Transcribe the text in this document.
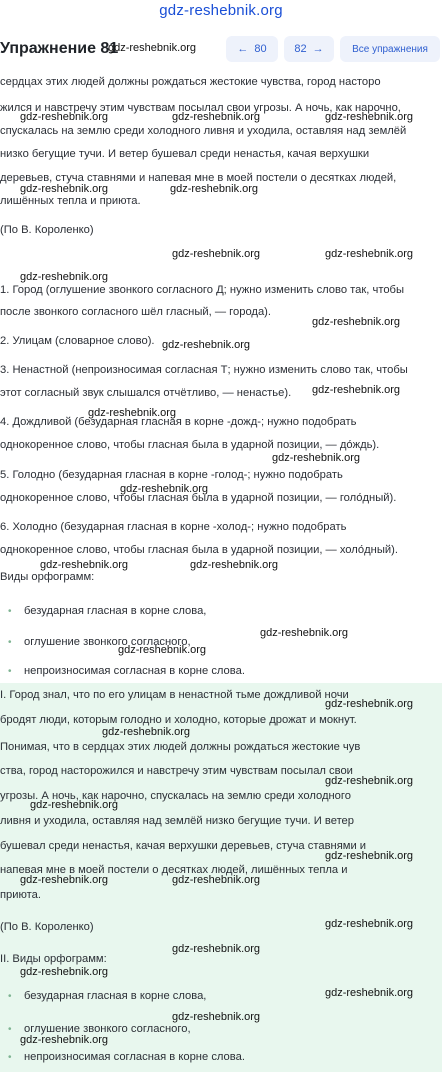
gdz-reshebnik.org
Упражнение 81
gdz-reshebnik.org	← 80	82 →	Все упражнения
сердцах этих людей должны рождаться жестокие чувства, город насторо
жился и навстречу этим чувствам посылал свои угрозы. А ночь, как нарочно,
спускалась на землю среди холодного ливня и уходила, оставляя над землёй
низко бегущие тучи. И ветер бушевал среди ненастья, качая верхушки
деревьев, стуча ставнями и напевая мне в моей постели о десятках людей,
лишённых тепла и приюта.
(По В. Короленко)
1. Город (оглушение звонкого согласного Д; нужно изменить слово так, чтобы
после звонкого согласного шёл гласный, — города).
2. Улицам (словарное слово).
3. Ненастной (непроизносимая согласная Т; нужно изменить слово так, чтобы
этот согласный звук слышался отчётливо, — ненастье).
4. Дождливой (безударная гласная в корне -дожд-; нужно подобрать
однокоренное слово, чтобы гласная была в ударной позиции, — до́ждь).
5. Голодно (безударная гласная в корне -голод-; нужно подобрать
однокоренное слово, чтобы гласная была в ударной позиции, — голо́дный).
6. Холодно (безударная гласная в корне -холод-; нужно подобрать
однокоренное слово, чтобы гласная была в ударной позиции, — холо́дный).
Виды орфограмм:
• безударная гласная в корне слова,
• оглушение звонкого согласного,
• непроизносимая согласная в корне слова.
I. Город знал, что по его улицам в ненастной тьме дождливой ночи
бродят люди, которым голодно и холодно, которые дрожат и мокнут.
Понимая, что в сердцах этих людей должны рождаться жестокие чув
ства, город насторожился и навстречу этим чувствам посылал свои
угрозы. А ночь, как нарочно, спускалась на землю среди холодного
ливня и уходила, оставляя над землёй низко бегущие тучи. И ветер
бушевал среди ненастья, качая верхушки деревьев, стуча ставнями и
напевая мне в моей постели о десятках людей, лишённых тепла и
приюта.
(По В. Короленко)
II. Виды орфограмм:
• безударная гласная в корне слова,
• оглушение звонкого согласного,
• непроизносимая согласная в корне слова.
gdz-reshebnik.org	gdz-reshebnik.org	gdz-reshebnik.org
gdz-reshebnik.org	gdz-reshebnik.org
gdz-reshebnik.org	gdz-reshebnik.org
gdz-reshebnik.org
gdz-reshebnik.org
gdz-reshebnik.org
gdz-reshebnik.org
gdz-reshebnik.org
gdz-reshebnik.org
gdz-reshebnik.org
gdz-reshebnik.org	gdz-reshebnik.org
gdz-reshebnik.org
gdz-reshebnik.org
gdz-reshebnik.org
gdz-reshebnik.org
gdz-reshebnik.org
gdz-reshebnik.org
gdz-reshebnik.org
gdz-reshebnik.org	gdz-reshebnik.org
gdz-reshebnik.org
gdz-reshebnik.org
gdz-reshebnik.org
gdz-reshebnik.org
gdz-reshebnik.org
gdz-reshebnik.org
